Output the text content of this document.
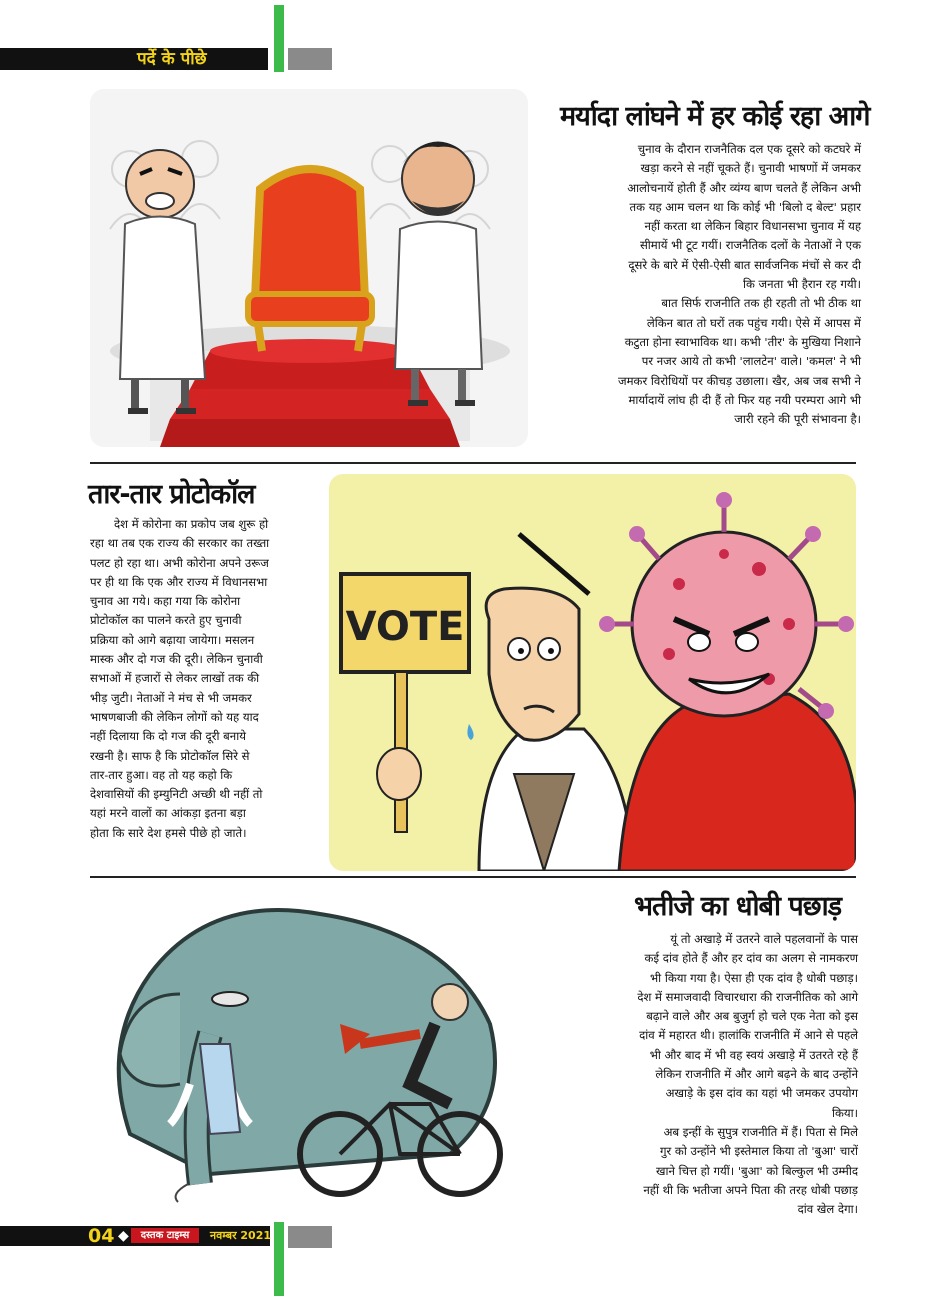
पर्दे के पीछे
मर्यादा लांघने में हर कोई रहा आगे

चुनाव के दौरान राजनैतिक दल एक दूसरे को कटघरे में

खड़ा करने से नहीं चूकते हैं। चुनावी भाषणों में जमकर

आलोचनायें होती हैं और व्यंग्य बाण चलते हैं लेकिन अभी

तक यह आम चलन था कि कोई भी 'बिलो द बेल्ट' प्रहार

नहीं करता था लेकिन बिहार विधानसभा चुनाव में यह

सीमायें भी टूट गयीं। राजनैतिक दलों के नेताओं ने एक

दूसरे के बारे में ऐसी-ऐसी बात सार्वजनिक मंचों से कर दी

कि जनता भी हैरान रह गयी।

बात सिर्फ राजनीति तक ही रहती तो भी ठीक था

लेकिन बात तो घरों तक पहुंच गयी। ऐसे में आपस में

कटुता होना स्वाभाविक था। कभी 'तीर' के मुखिया निशाने

पर नजर आये तो कभी 'लालटेन' वाले। 'कमल' ने भी

जमकर विरोधियों पर कीचड़ उछाला। खैर, अब जब सभी ने

मार्यादायें लांघ ही दी हैं तो फिर यह नयी परम्परा आगे भी

जारी रहने की पूरी संभावना है।

तार-तार प्रोटोकॉल

देश में कोरोना का प्रकोप जब शुरू हो

रहा था तब एक राज्य की सरकार का तख्ता

पलट हो रहा था। अभी कोरोना अपने उरूज

पर ही था कि एक और राज्य में विधानसभा

चुनाव आ गये। कहा गया कि कोरोना

प्रोटोकॉल का पालने करते हुए चुनावी

प्रक्रिया को आगे बढ़ाया जायेगा। मसलन

मास्क और दो गज की दूरी। लेकिन चुनावी

सभाओं में हजारों से लेकर लाखों तक की

भीड़ जुटी। नेताओं ने मंच से भी जमकर

भाषणबाजी की लेकिन लोगों को यह याद

नहीं दिलाया कि दो गज की दूरी बनाये

रखनी है। साफ है कि प्रोटोकॉल सिरे से

तार-तार हुआ। वह तो यह कहो कि

देशवासियों की इम्युनिटी अच्छी थी नहीं तो

यहां मरने वालों का आंकड़ा इतना बड़ा

होता कि सारे देश हमसे पीछे हो जाते।

VOTE
भतीजे का धोबी पछाड़

यूं तो अखाड़े में उतरने वाले पहलवानों के पास

कई दांव होते हैं और हर दांव का अलग से नामकरण

भी किया गया है। ऐसा ही एक दांव है धोबी पछाड़।

देश में समाजवादी विचारधारा की राजनीतिक को आगे

बढ़ाने वाले और अब बुजुर्ग हो चले एक नेता को इस

दांव में महारत थी। हालांकि राजनीति में आने से पहले

भी और बाद में भी वह स्वयं अखाड़े में उतरते रहे हैं

लेकिन राजनीति में और आगे बढ़ने के बाद उन्होंने

अखाड़े के इस दांव का यहां भी जमकर उपयोग

किया।

अब इन्हीं के सुपुत्र राजनीति में हैं। पिता से मिले

गुर को उन्होंने भी इस्तेमाल किया तो 'बुआ' चारों

खाने चित्त हो गयीं। 'बुआ' को बिल्कुल भी उम्मीद

नहीं थी कि भतीजा अपने पिता की तरह धोबी पछाड़

दांव खेल देगा।

04 ◆	दस्तक टाइम्स	नवम्बर 2021
